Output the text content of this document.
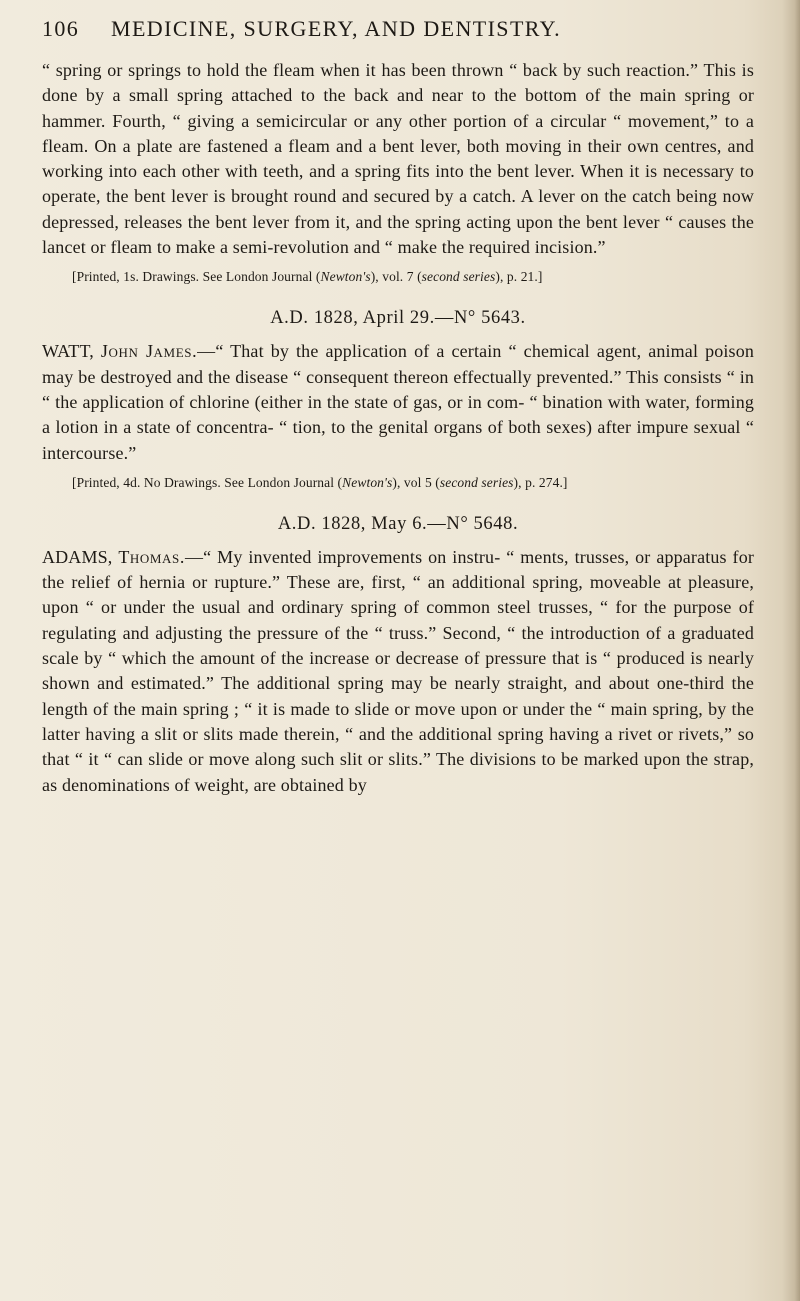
106 MEDICINE, SURGERY, AND DENTISTRY.

“ spring or springs to hold the fleam when it has been thrown “ back by such reaction.” This is done by a small spring attached to the back and near to the bottom of the main spring or hammer. Fourth, “ giving a semicircular or any other portion of a circular “ movement,” to a fleam. On a plate are fastened a fleam and a bent lever, both moving in their own centres, and working into each other with teeth, and a spring fits into the bent lever. When it is necessary to operate, the bent lever is brought round and secured by a catch. A lever on the catch being now depressed, releases the bent lever from it, and the spring acting upon the bent lever “ causes the lancet or fleam to make a semi-revolution and “ make the required incision.”

[Printed, 1s. Drawings. See London Journal (Newton's), vol. 7 (second series), p. 21.]

A.D. 1828, April 29.—N° 5643.

WATT, John James.—“ That by the application of a certain “ chemical agent, animal poison may be destroyed and the disease “ consequent thereon effectually prevented.” This consists “ in “ the application of chlorine (either in the state of gas, or in com- “ bination with water, forming a lotion in a state of concentra- “ tion, to the genital organs of both sexes) after impure sexual “ intercourse.”

[Printed, 4d. No Drawings. See London Journal (Newton's), vol 5 (second series), p. 274.]

A.D. 1828, May 6.—N° 5648.

ADAMS, Thomas.—“ My invented improvements on instru- “ ments, trusses, or apparatus for the relief of hernia or rupture.” These are, first, “ an additional spring, moveable at pleasure, upon “ or under the usual and ordinary spring of common steel trusses, “ for the purpose of regulating and adjusting the pressure of the “ truss.” Second, “ the introduction of a graduated scale by “ which the amount of the increase or decrease of pressure that is “ produced is nearly shown and estimated.” The additional spring may be nearly straight, and about one-third the length of the main spring ; “ it is made to slide or move upon or under the “ main spring, by the latter having a slit or slits made therein, “ and the additional spring having a rivet or rivets,” so that “ it “ can slide or move along such slit or slits.” The divisions to be marked upon the strap, as denominations of weight, are obtained by
